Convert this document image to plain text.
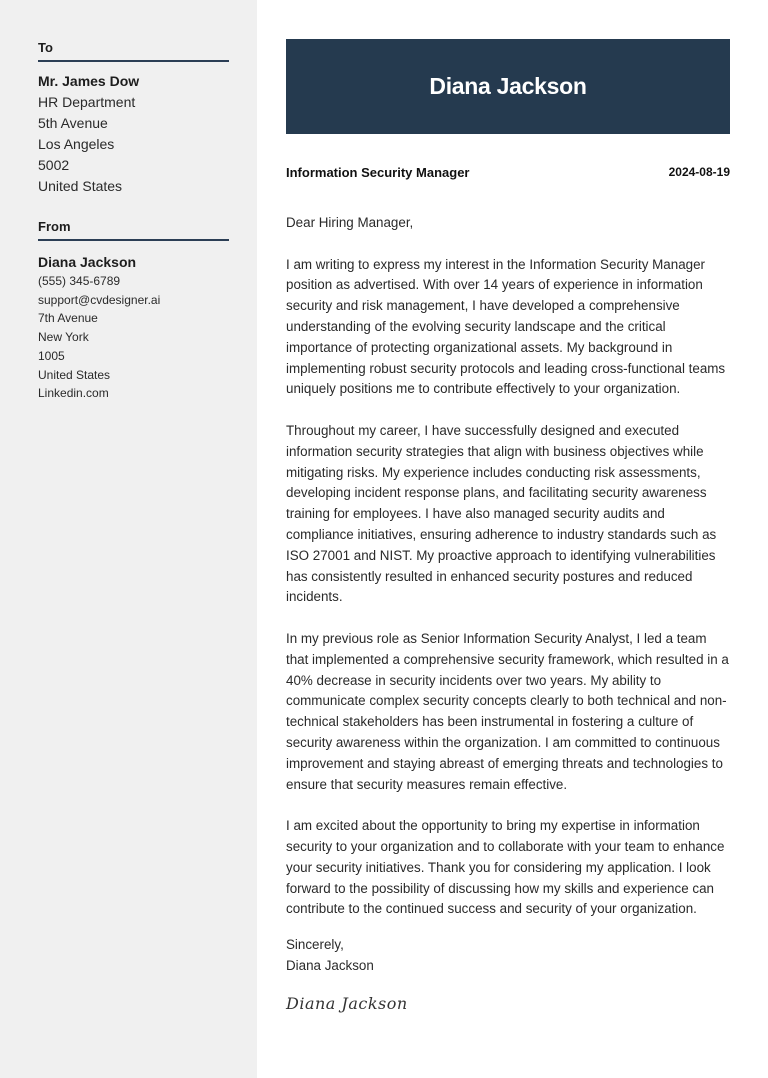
To
Mr. James Dow
HR Department
5th Avenue
Los Angeles
5002
United States
From
Diana Jackson
(555) 345-6789
support@cvdesigner.ai
7th Avenue
New York
1005
United States
Linkedin.com
Diana Jackson
Information Security Manager	2024-08-19
Dear Hiring Manager,

I am writing to express my interest in the Information Security Manager position as advertised. With over 14 years of experience in information security and risk management, I have developed a comprehensive understanding of the evolving security landscape and the critical importance of protecting organizational assets. My background in implementing robust security protocols and leading cross-functional teams uniquely positions me to contribute effectively to your organization.

Throughout my career, I have successfully designed and executed information security strategies that align with business objectives while mitigating risks. My experience includes conducting risk assessments, developing incident response plans, and facilitating security awareness training for employees. I have also managed security audits and compliance initiatives, ensuring adherence to industry standards such as ISO 27001 and NIST. My proactive approach to identifying vulnerabilities has consistently resulted in enhanced security postures and reduced incidents.

In my previous role as Senior Information Security Analyst, I led a team that implemented a comprehensive security framework, which resulted in a 40% decrease in security incidents over two years. My ability to communicate complex security concepts clearly to both technical and non-technical stakeholders has been instrumental in fostering a culture of security awareness within the organization. I am committed to continuous improvement and staying abreast of emerging threats and technologies to ensure that security measures remain effective.

I am excited about the opportunity to bring my expertise in information security to your organization and to collaborate with your team to enhance your security initiatives. Thank you for considering my application. I look forward to the possibility of discussing how my skills and experience can contribute to the continued success and security of your organization.

Sincerely,
Diana Jackson
Diana Jackson
